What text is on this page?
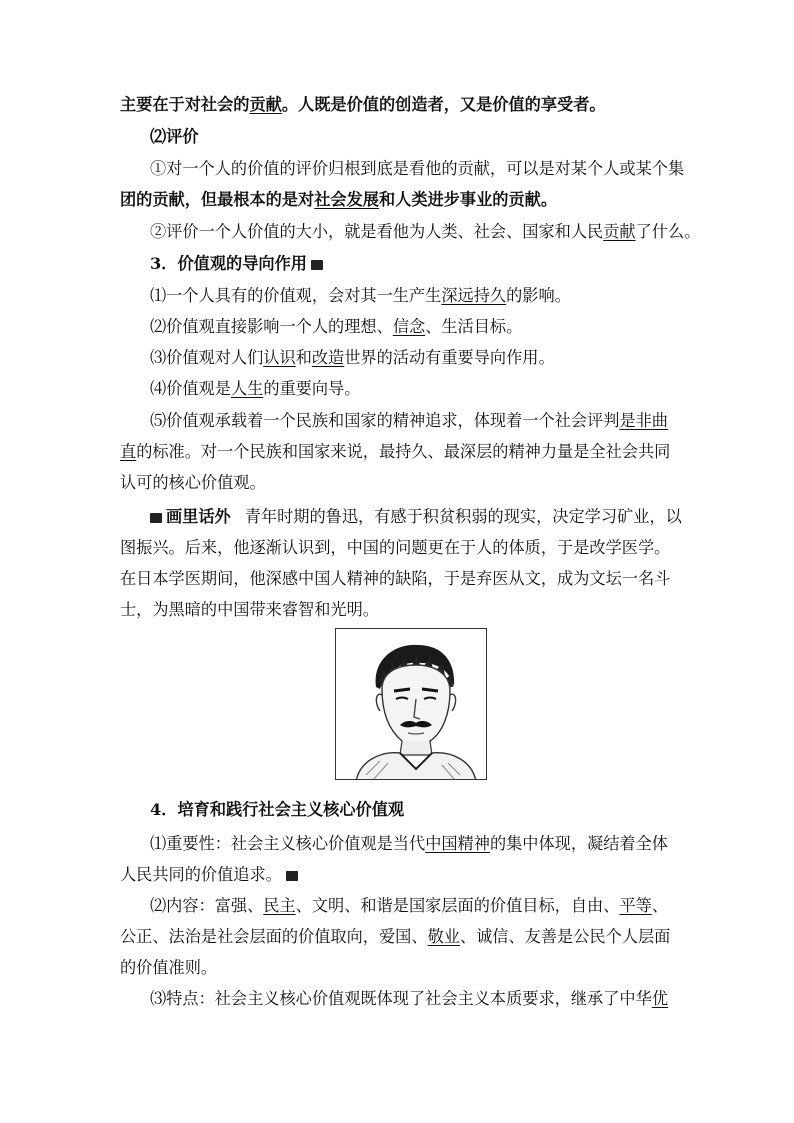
主要在于对社会的贡献。人既是价值的创造者，又是价值的享受者。
⑵评价
①对一个人的价值的评价归根到底是看他的贡献，可以是对某个人或某个集
团的贡献，但最根本的是对社会发展和人类进步事业的贡献。
②评价一个人价值的大小，就是看他为人类、社会、国家和人民贡献了什么。
3．价值观的导向作用
⑴一个人具有的价值观，会对其一生产生深远持久的影响。
⑵价值观直接影响一个人的理想、信念、生活目标。
⑶价值观对人们认识和改造世界的活动有重要导向作用。
⑷价值观是人生的重要向导。
⑸价值观承载着一个民族和国家的精神追求，体现着一个社会评判是非曲
直的标准。对一个民族和国家来说，最持久、最深层的精神力量是全社会共同
认可的核心价值观。
画里话外 青年时期的鲁迅，有感于积贫积弱的现实，决定学习矿业，以
图振兴。后来，他逐渐认识到，中国的问题更在于人的体质，于是改学医学。
在日本学医期间，他深感中国人精神的缺陷，于是弃医从文，成为文坛一名斗
士，为黑暗的中国带来睿智和光明。
4．培育和践行社会主义核心价值观
⑴重要性：社会主义核心价值观是当代中国精神的集中体现，凝结着全体
人民共同的价值追求。
⑵内容：富强、民主、文明、和谐是国家层面的价值目标，自由、平等、
公正、法治是社会层面的价值取向，爱国、敬业、诚信、友善是公民个人层面
的价值准则。
⑶特点：社会主义核心价值观既体现了社会主义本质要求，继承了中华优
